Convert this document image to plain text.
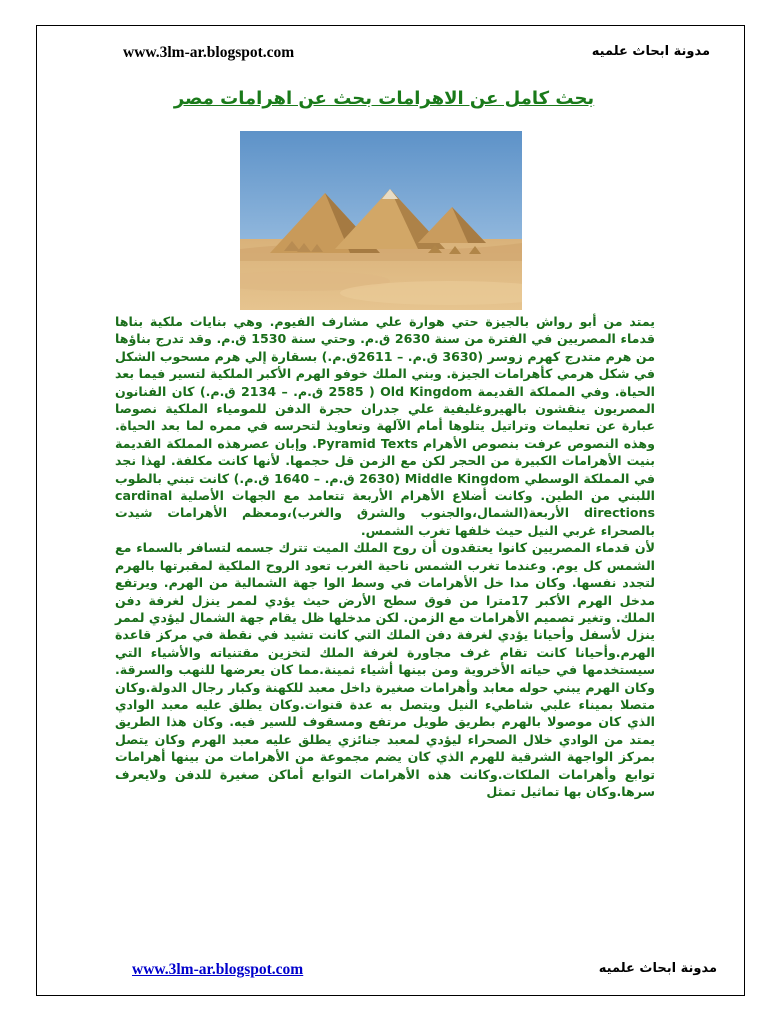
www.3lm-ar.blogspot.com	مدونة ابحاث علميه
بحث كامل عن الاهرامات بحث عن اهرامات مصر

يمتد من أبو رواش بالجيزة حتي هوارة علي مشارف الفيوم. وهي بنايات ملكية بناها قدماء المصريين في الفترة من سنة 2630 ق.م. وحتي سنة 1530 ق.م. وقد تدرج بناؤها من هرم متدرج كهرم زوسر (3630 ق.م. – 2611ق.م.) بسقارة إلي هرم مسحوب الشكل في شكل هرمي كأهرامات الجيزة. وبني الملك خوفو الهرم الأكبر الملكية لتسير فيما بعد الحياة. وفي المملكة القديمة Old Kingdom ( 2585 ق.م. – 2134 ق.م.) كان الفنانون المصريون ينقشون بالهيروغليفية علي جدران حجرة الدفن للمومياء الملكية نصوصا عبارة عن تعليمات وتراتيل يتلوها أمام الآلهة وتعاويذ لتحرسه في ممره لما بعد الحياة. وهذه النصوص عرفت بنصوص الأهرام Pyramid Texts. وإبان عصرهذه المملكة القديمة بنيت الأهرامات الكبيرة من الحجر لكن مع الزمن قل حجمها. لأنها كانت مكلفة. لهذا نجد في المملكة الوسطي Middle Kingdom (2630 ق.م. – 1640 ق.م.) كانت تبني بالطوب اللبني من الطين. وكانت أضلاع الأهرام الأربعة تتعامد مع الجهات الأصلية cardinal directions الأربعة(الشمال،والجنوب والشرق والغرب)،ومعظم الأهرامات شيدت بالصحراء غربي النيل حيث خلفها تغرب الشمس.

لأن قدماء المصريين كانوا يعتقدون أن روح الملك الميت تترك جسمه لتسافر بالسماء مع الشمس كل يوم. وعندما تغرب الشمس ناحية الغرب تعود الروح الملكية لمقبرتها بالهرم لتجدد نفسها. وكان مدا خل الأهرامات في وسط الوا جهة الشمالية من الهرم. ويرتفع مدخل الهرم الأكبر 17مترا من فوق سطح الأرض حيث يؤدي لممر ينزل لغرفة دفن الملك. وتغير تصميم الأهرامات مع الزمن. لكن مدخلها ظل يقام جهة الشمال ليؤدي لممر ينزل لأسفل وأحيانا يؤدي لغرفة دفن الملك التي كانت تشيد في نقطة في مركز قاعدة الهرم.وأحيانا كانت تقام غرف مجاورة لغرفة الملك لتخزين مقتنياته والأشياء التي سيستخدمها في حياته الأخروية ومن بينها أشياء ثمينة.مما كان يعرضها للنهب والسرقة. وكان الهرم يبني حوله معابد وأهرامات صغيرة داخل معبد للكهنة وكبار رجال الدولة.وكان متصلا بميناء علبي شاطيء النيل ويتصل به عدة قنوات.وكان يطلق عليه معبد الوادي الذي كان موصولا بالهرم بطريق طويل مرتفع ومسقوف للسير فيه. وكان هذا الطريق يمتد من الوادي خلال الصحراء ليؤدي لمعبد جنائزي يطلق عليه معبد الهرم وكان يتصل بمركز الواجهة الشرقية للهرم الذي كان يضم مجموعة من الأهرامات من بينها أهرامات توابع وأهرامات الملكات.وكانت هذه الأهرامات التوابع أماكن صغيرة للدفن ولايعرف سرها.وكان بها تماثيل تمثل

www.3lm-ar.blogspot.com	مدونة ابحاث علميه
